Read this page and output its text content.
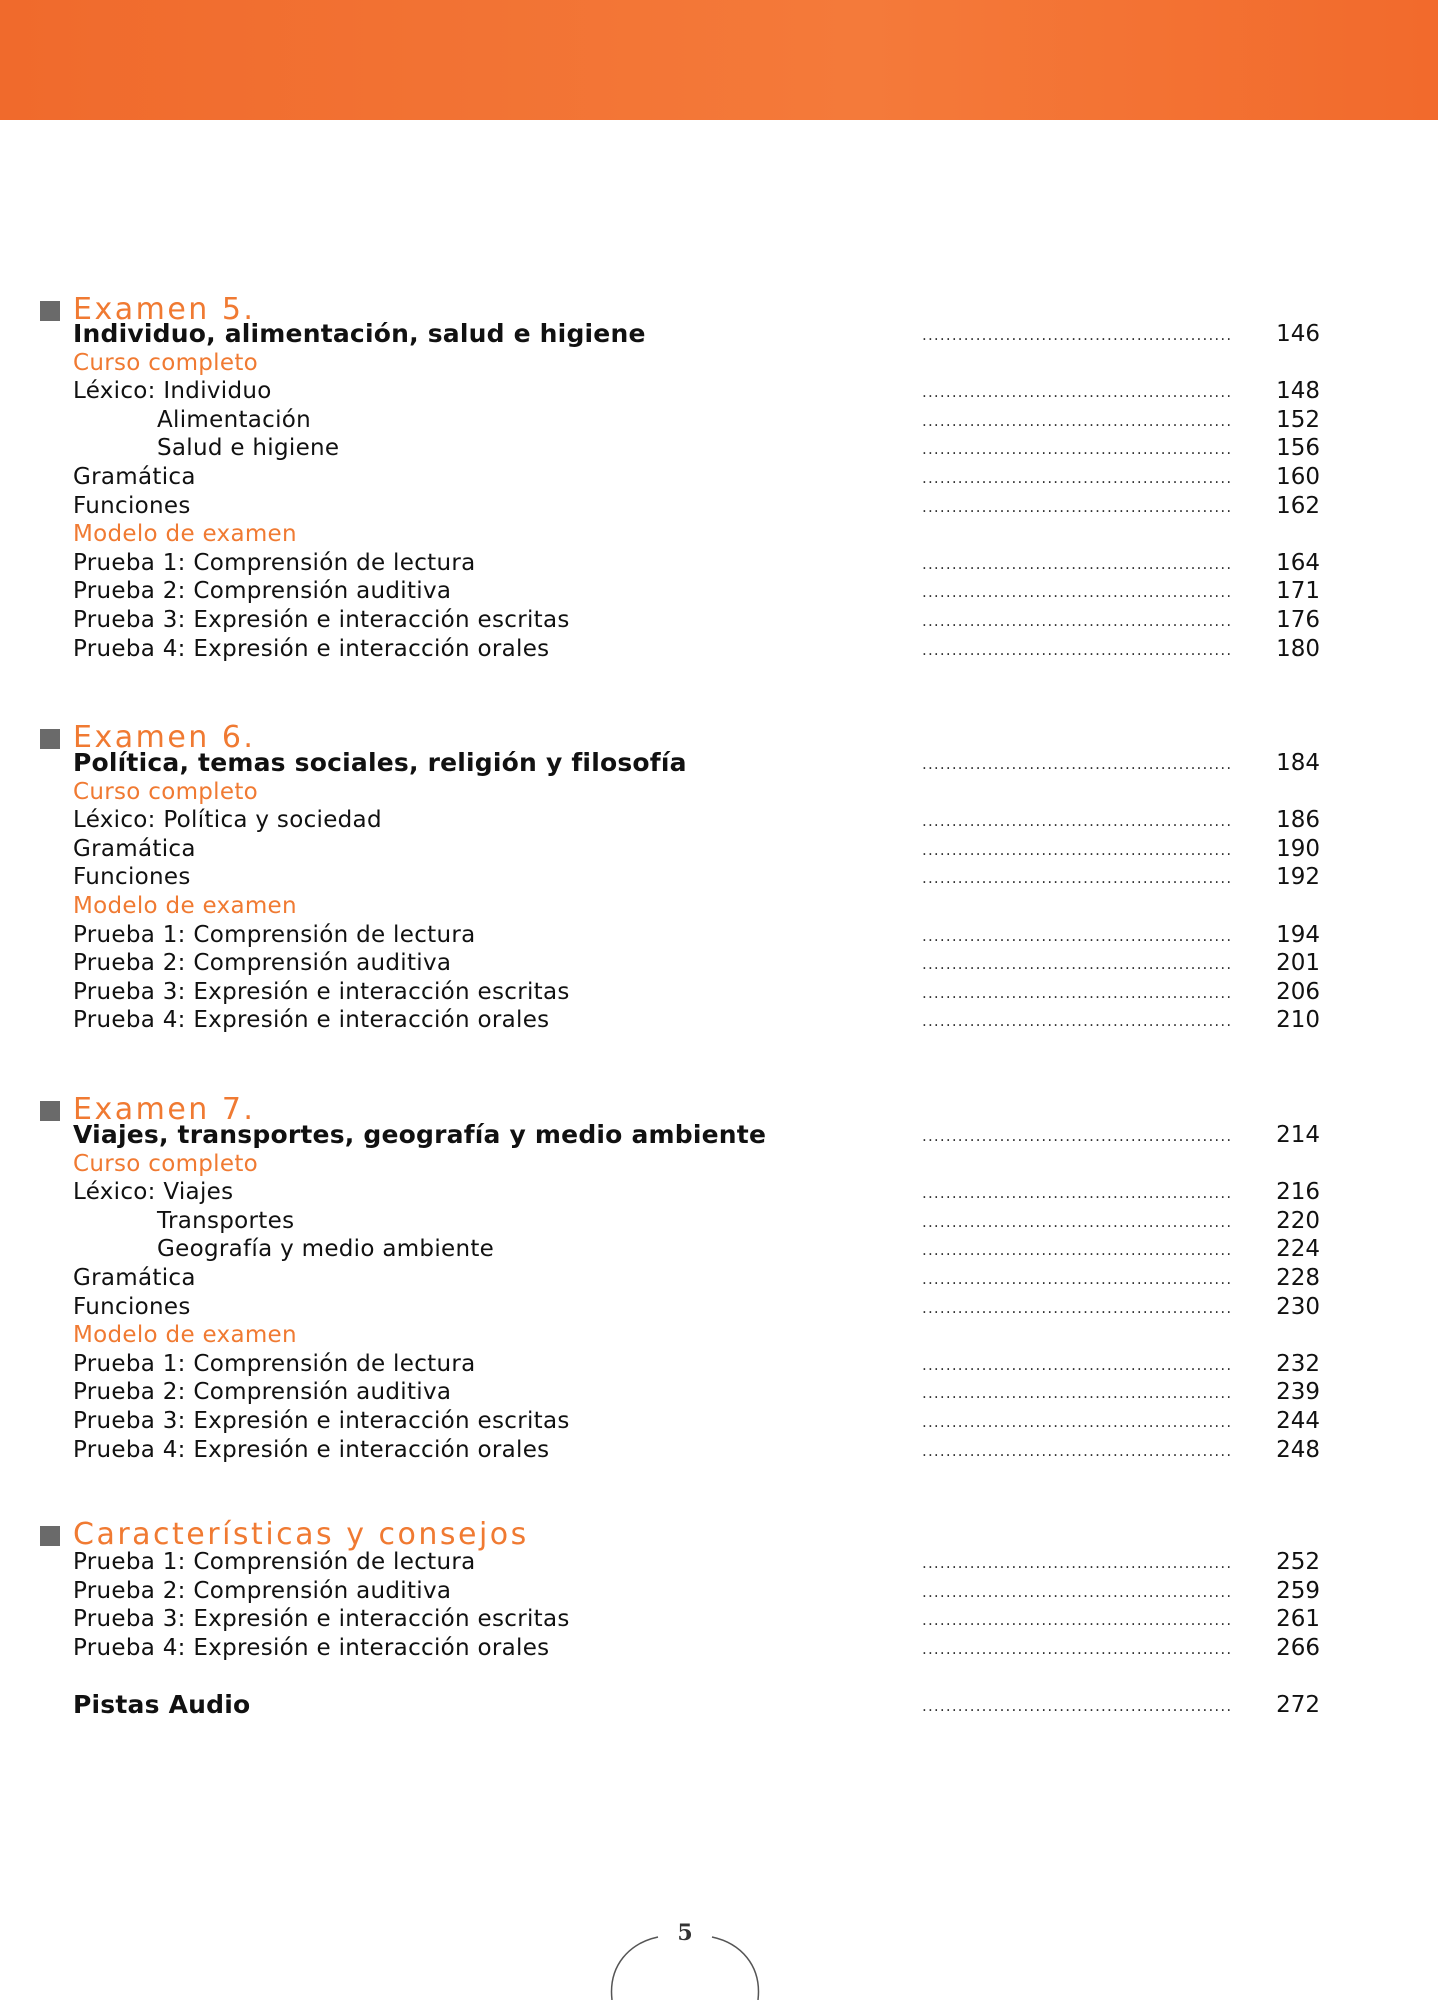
Examen 5.
Individuo, alimentación, salud e higiene .....	146
Curso completo
Léxico: Individuo .....	148
Alimentación .....	152
Salud e higiene .....	156
Gramática .....	160
Funciones .....	162
Modelo de examen
Prueba 1: Comprensión de lectura .....	164
Prueba 2: Comprensión auditiva .....	171
Prueba 3: Expresión e interacción escritas .....	176
Prueba 4: Expresión e interacción orales .....	180
Examen 6.
Política, temas sociales, religión y filosofía .....	184
Curso completo
Léxico: Política y sociedad .....	186
Gramática .....	190
Funciones .....	192
Modelo de examen
Prueba 1: Comprensión de lectura .....	194
Prueba 2: Comprensión auditiva .....	201
Prueba 3: Expresión e interacción escritas .....	206
Prueba 4: Expresión e interacción orales .....	210
Examen 7.
Viajes, transportes, geografía y medio ambiente .....	214
Curso completo
Léxico: Viajes .....	216
Transportes .....	220
Geografía y medio ambiente .....	224
Gramática .....	228
Funciones .....	230
Modelo de examen
Prueba 1: Comprensión de lectura .....	232
Prueba 2: Comprensión auditiva .....	239
Prueba 3: Expresión e interacción escritas .....	244
Prueba 4: Expresión e interacción orales .....	248
Características y consejos
Prueba 1: Comprensión de lectura .....	252
Prueba 2: Comprensión auditiva .....	259
Prueba 3: Expresión e interacción escritas .....	261
Prueba 4: Expresión e interacción orales .....	266
Pistas Audio .....	272
5
